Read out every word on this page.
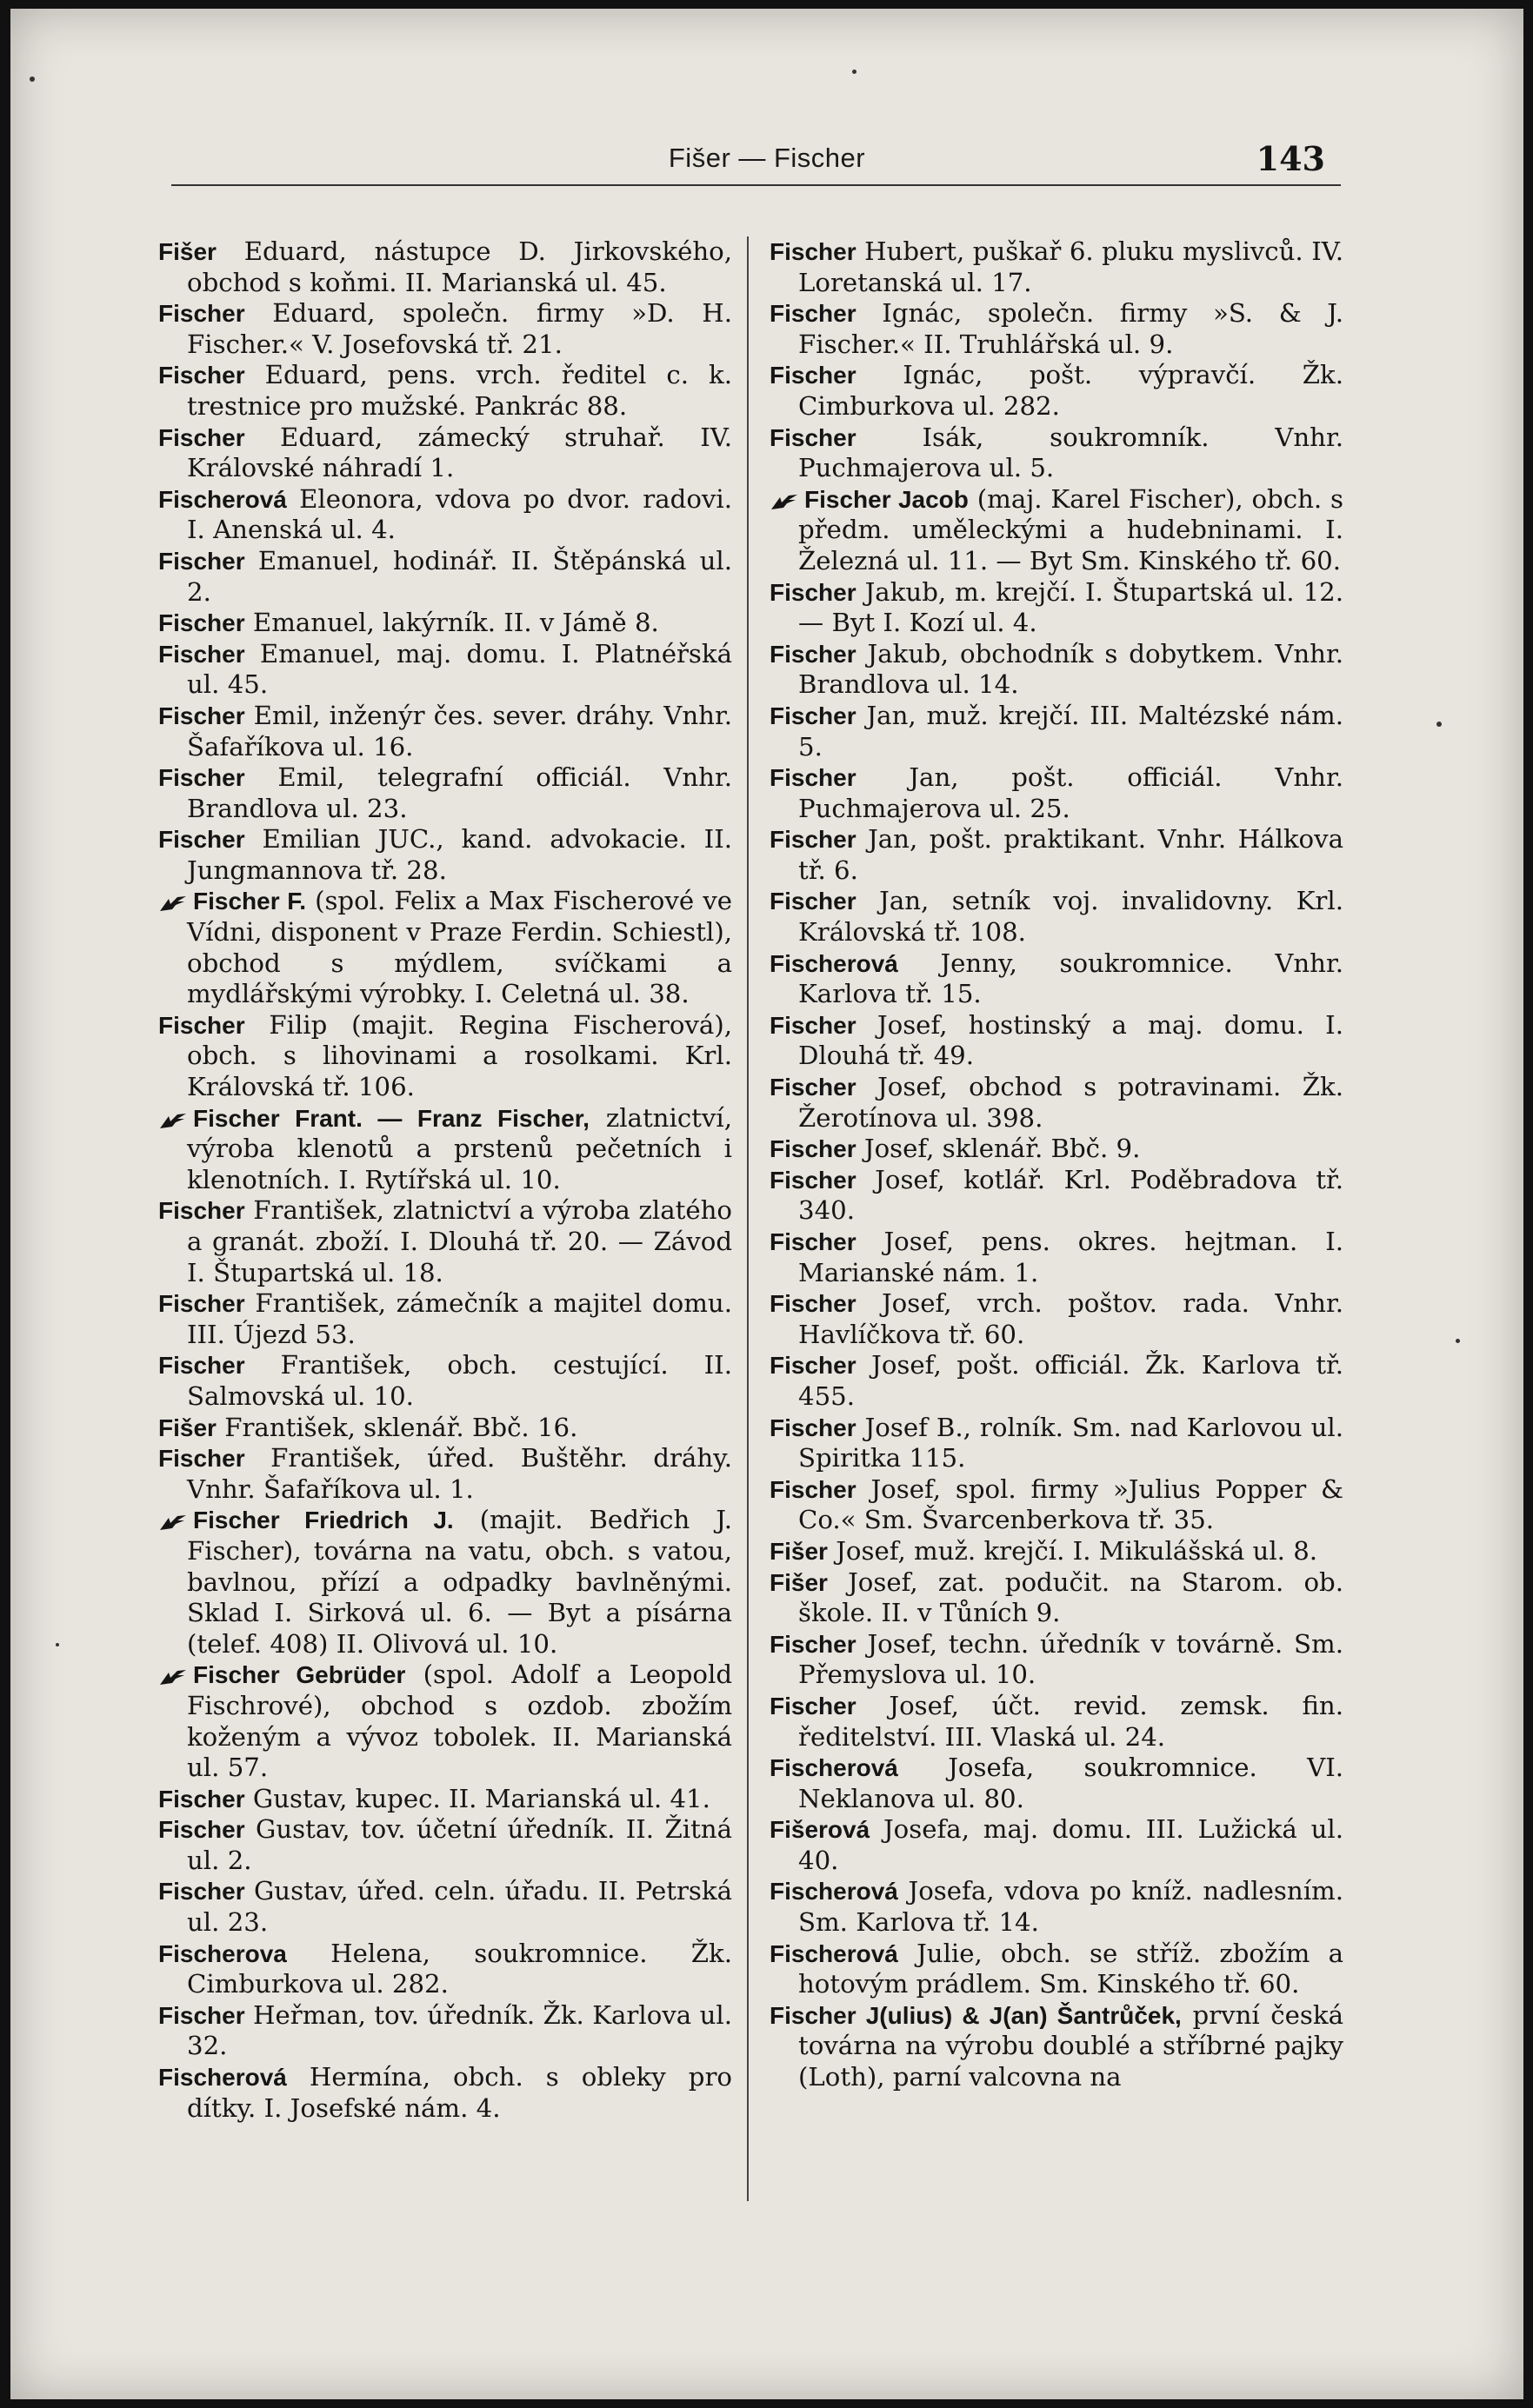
Fišer — Fischer	143

Fišer Eduard, nástupce D. Jirkovského, obchod s koňmi. II. Marianská ul. 45.

Fischer Eduard, společn. firmy »D. H. Fischer.« V. Josefovská tř. 21.

Fischer Eduard, pens. vrch. ředitel c. k. trestnice pro mužské. Pankrác 88.

Fischer Eduard, zámecký struhař. IV. Královské náhradí 1.

Fischerová Eleonora, vdova po dvor. radovi. I. Anenská ul. 4.

Fischer Emanuel, hodinář. II. Štěpánská ul. 2.

Fischer Emanuel, lakýrník. II. v Jámě 8.

Fischer Emanuel, maj. domu. I. Platnéřská ul. 45.

Fischer Emil, inženýr čes. sever. dráhy. Vnhr. Šafaříkova ul. 16.

Fischer Emil, telegrafní officiál. Vnhr. Brandlova ul. 23.

Fischer Emilian JUC., kand. advokacie. II. Jungmannova tř. 28.

Fischer F. (spol. Felix a Max Fischerové ve Vídni, disponent v Praze Ferdin. Schiestl), obchod s mýdlem, svíčkami a mydlářskými výrobky. I. Celetná ul. 38.

Fischer Filip (majit. Regina Fischerová), obch. s lihovinami a rosolkami. Krl. Královská tř. 106.

Fischer Frant. — Franz Fischer, zlatnictví, výroba klenotů a prstenů pečetních i klenotních. I. Rytířská ul. 10.

Fischer František, zlatnictví a výroba zlatého a granát. zboží. I. Dlouhá tř. 20. — Závod I. Štupartská ul. 18.

Fischer František, zámečník a majitel domu. III. Újezd 53.

Fischer František, obch. cestující. II. Salmovská ul. 10.

Fišer František, sklenář. Bbč. 16.

Fischer František, úřed. Buštěhr. dráhy. Vnhr. Šafaříkova ul. 1.

Fischer Friedrich J. (majit. Bedřich J. Fischer), továrna na vatu, obch. s vatou, bavlnou, přízí a odpadky bavlněnými. Sklad I. Sirková ul. 6. — Byt a písárna (telef. 408) II. Olivová ul. 10.

Fischer Gebrüder (spol. Adolf a Leopold Fischrové), obchod s ozdob. zbožím koženým a vývoz tobolek. II. Marianská ul. 57.

Fischer Gustav, kupec. II. Marianská ul. 41.

Fischer Gustav, tov. účetní úředník. II. Žitná ul. 2.

Fischer Gustav, úřed. celn. úřadu. II. Petrská ul. 23.

Fischerova Helena, soukromnice. Žk. Cimburkova ul. 282.

Fischer Heřman, tov. úředník. Žk. Karlova ul. 32.

Fischerová Hermína, obch. s obleky pro dítky. I. Josefské nám. 4.

Fischer Hubert, puškař 6. pluku myslivců. IV. Loretanská ul. 17.

Fischer Ignác, společn. firmy »S. & J. Fischer.« II. Truhlářská ul. 9.

Fischer Ignác, pošt. výpravčí. Žk. Cimburkova ul. 282.

Fischer	Isák, soukromník. Vnhr. Puchmajerova ul. 5.

Fischer Jacob (maj. Karel Fischer), obch. s předm. uměleckými a hudebninami. I. Železná ul. 11. — Byt Sm. Kinského tř. 60.

Fischer Jakub, m. krejčí. I. Štupartská ul. 12. — Byt I. Kozí ul. 4.

Fischer Jakub, obchodník s dobytkem. Vnhr. Brandlova ul. 14.

Fischer Jan, muž. krejčí. III. Maltézské nám. 5.

Fischer Jan, pošt. officiál. Vnhr. Puchmajerova ul. 25.

Fischer Jan, pošt. praktikant. Vnhr. Hálkova tř. 6.

Fischer Jan, setník voj. invalidovny. Krl. Královská tř. 108.

Fischerová Jenny, soukromnice. Vnhr. Karlova tř. 15.

Fischer Josef, hostinský a maj. domu. I. Dlouhá tř. 49.

Fischer Josef, obchod s potravinami. Žk. Žerotínova ul. 398.

Fischer Josef, sklenář. Bbč. 9.

Fischer Josef, kotlář. Krl. Poděbradova tř. 340.

Fischer Josef, pens. okres. hejtman. I. Marianské nám. 1.

Fischer Josef, vrch. poštov. rada. Vnhr. Havlíčkova tř. 60.

Fischer Josef, pošt. officiál. Žk. Karlova tř. 455.

Fischer Josef B., rolník. Sm. nad Karlovou ul. Spiritka 115.

Fischer Josef, spol. firmy »Julius Popper & Co.« Sm. Švarcenberkova tř. 35.

Fišer Josef, muž. krejčí. I. Mikulášská ul. 8.

Fišer Josef, zat. podučit. na Starom. ob. škole. II. v Tůních 9.

Fischer Josef, techn. úředník v továrně. Sm. Přemyslova ul. 10.

Fischer Josef, účt. revid. zemsk. fin. ředitelství. III. Vlaská ul. 24.

Fischerová Josefa, soukromnice. VI. Neklanova ul. 80.

Fišerová Josefa, maj. domu. III. Lužická ul. 40.

Fischerová Josefa, vdova po kníž. nadlesním. Sm. Karlova tř. 14.

Fischerová Julie, obch. se stříž. zbožím a hotovým prádlem. Sm. Kinského tř. 60.

Fischer J(ulius) & J(an) Šantrůček, první česká továrna na výrobu doublé a stříbrné pajky (Loth), parní valcovna na
